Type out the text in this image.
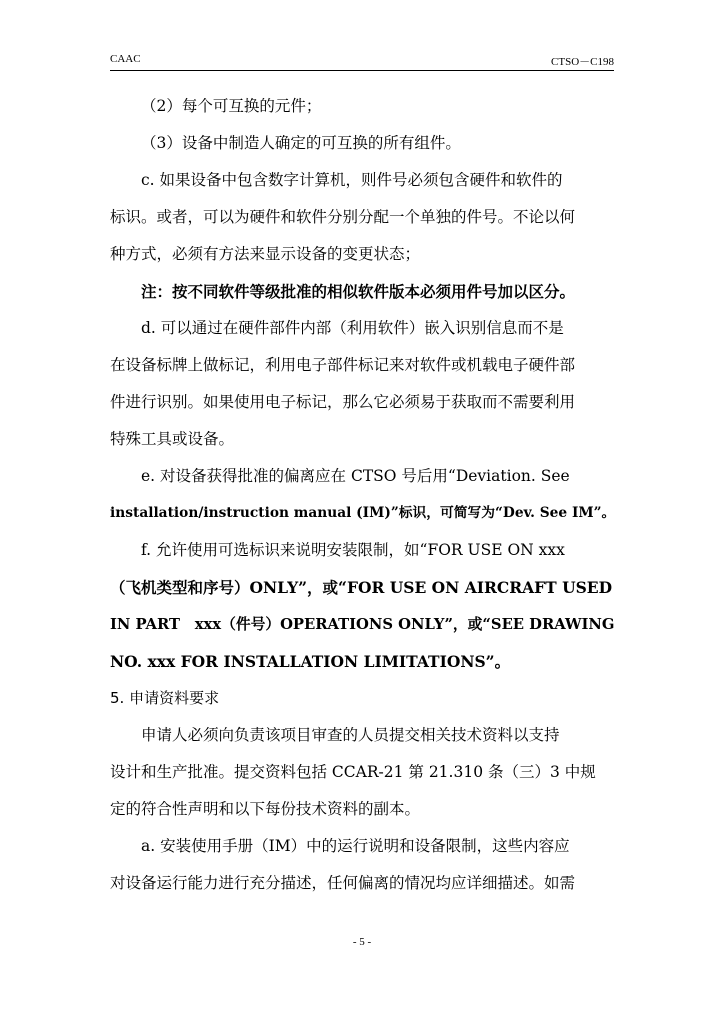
CAAC	CTSO－C198
（2）每个可互换的元件；
（3）设备中制造人确定的可互换的所有组件。
c. 如果设备中包含数字计算机，则件号必须包含硬件和软件的
标识。或者，可以为硬件和软件分别分配一个单独的件号。不论以何
种方式，必须有方法来显示设备的变更状态；
注：按不同软件等级批准的相似软件版本必须用件号加以区分。
d. 可以通过在硬件部件内部（利用软件）嵌入识别信息而不是
在设备标牌上做标记，利用电子部件标记来对软件或机载电子硬件部
件进行识别。如果使用电子标记，那么它必须易于获取而不需要利用
特殊工具或设备。
e. 对设备获得批准的偏离应在 CTSO 号后用“Deviation. See
installation/instruction manual (IM)”标识，可简写为“Dev. See IM”。
f. 允许使用可选标识来说明安装限制，如“FOR USE ON xxx
（飞机类型和序号）ONLY”，或“FOR USE ON AIRCRAFT USED
IN PART　xxx（件号）OPERATIONS ONLY”，或“SEE DRAWING
NO. xxx FOR INSTALLATION LIMITATIONS”。
5. 申请资料要求
申请人必须向负责该项目审查的人员提交相关技术资料以支持
设计和生产批准。提交资料包括 CCAR-21 第 21.310 条（三）3 中规
定的符合性声明和以下每份技术资料的副本。
a. 安装使用手册（IM）中的运行说明和设备限制，这些内容应
对设备运行能力进行充分描述，任何偏离的情况均应详细描述。如需
- 5 -
